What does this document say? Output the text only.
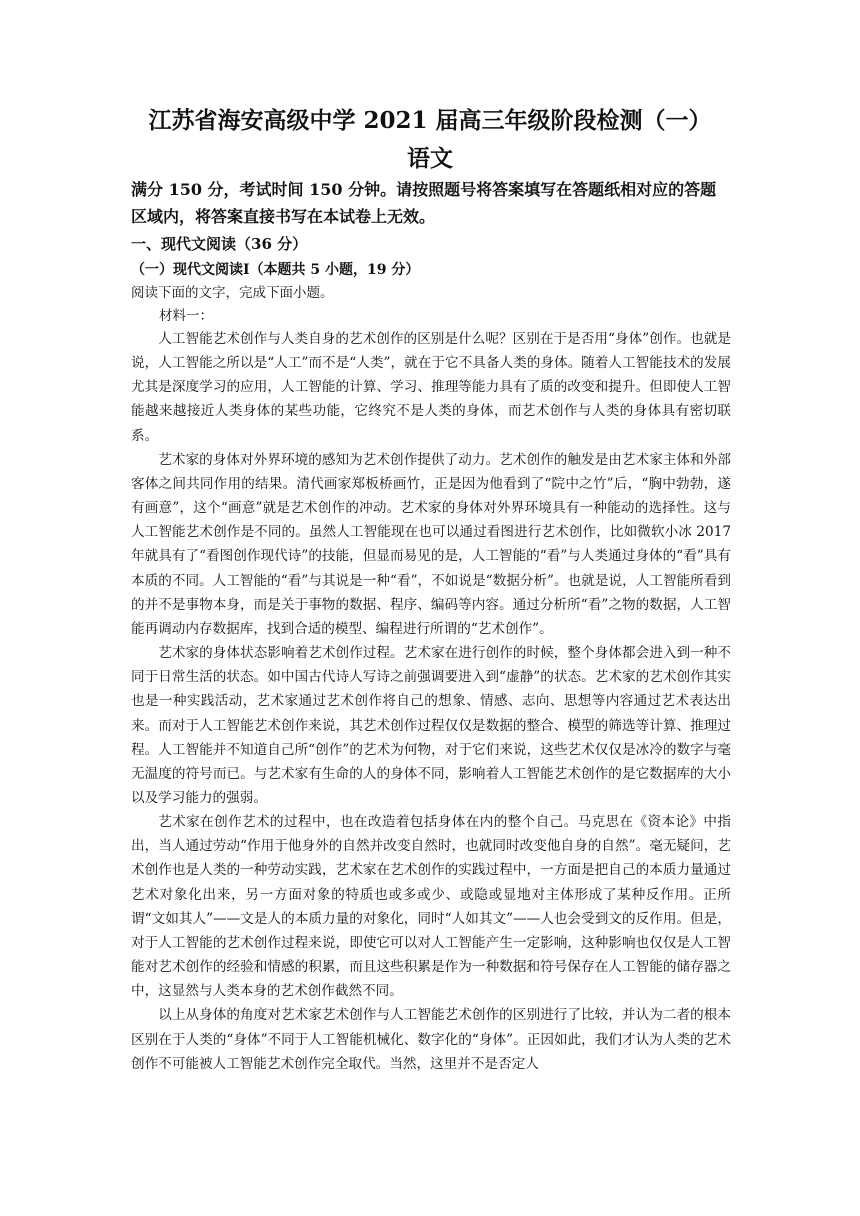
江苏省海安高级中学 2021 届高三年级阶段检测（一）
语文
满分 150 分，考试时间 150 分钟。请按照题号将答案填写在答题纸相对应的答题区域内，将答案直接书写在本试卷上无效。
一、现代文阅读（36 分）
（一）现代文阅读Ⅰ（本题共 5 小题，19 分）
阅读下面的文字，完成下面小题。
材料一：

人工智能艺术创作与人类自身的艺术创作的区别是什么呢？区别在于是否用“身体”创作。也就是说，人工智能之所以是“人工”而不是“人类”，就在于它不具备人类的身体。随着人工智能技术的发展尤其是深度学习的应用，人工智能的计算、学习、推理等能力具有了质的改变和提升。但即使人工智能越来越接近人类身体的某些功能，它终究不是人类的身体，而艺术创作与人类的身体具有密切联系。

艺术家的身体对外界环境的感知为艺术创作提供了动力。艺术创作的触发是由艺术家主体和外部客体之间共同作用的结果。清代画家郑板桥画竹，正是因为他看到了“院中之竹”后，“胸中勃勃，遂有画意”，这个“画意”就是艺术创作的冲动。艺术家的身体对外界环境具有一种能动的选择性。这与人工智能艺术创作是不同的。虽然人工智能现在也可以通过看图进行艺术创作，比如微软小冰 2017 年就具有了“看图创作现代诗”的技能，但显而易见的是，人工智能的“看”与人类通过身体的“看”具有本质的不同。人工智能的“看”与其说是一种“看”，不如说是“数据分析”。也就是说，人工智能所看到的并不是事物本身，而是关于事物的数据、程序、编码等内容。通过分析所“看”之物的数据，人工智能再调动内存数据库，找到合适的模型、编程进行所谓的“艺术创作”。

艺术家的身体状态影响着艺术创作过程。艺术家在进行创作的时候，整个身体都会进入到一种不同于日常生活的状态。如中国古代诗人写诗之前强调要进入到“虚静”的状态。艺术家的艺术创作其实也是一种实践活动，艺术家通过艺术创作将自己的想象、情感、志向、思想等内容通过艺术表达出来。而对于人工智能艺术创作来说，其艺术创作过程仅仅是数据的整合、模型的筛选等计算、推理过程。人工智能并不知道自己所“创作”的艺术为何物，对于它们来说，这些艺术仅仅是冰冷的数字与毫无温度的符号而已。与艺术家有生命的人的身体不同，影响着人工智能艺术创作的是它数据库的大小以及学习能力的强弱。

艺术家在创作艺术的过程中，也在改造着包括身体在内的整个自己。马克思在《资本论》中指出，当人通过劳动“作用于他身外的自然并改变自然时，也就同时改变他自身的自然”。毫无疑问，艺术创作也是人类的一种劳动实践，艺术家在艺术创作的实践过程中，一方面是把自己的本质力量通过艺术对象化出来，另一方面对象的特质也或多或少、或隐或显地对主体形成了某种反作用。正所谓“文如其人”——文是人的本质力量的对象化，同时“人如其文”——人也会受到文的反作用。但是，对于人工智能的艺术创作过程来说，即使它可以对人工智能产生一定影响，这种影响也仅仅是人工智能对艺术创作的经验和情感的积累，而且这些积累是作为一种数据和符号保存在人工智能的储存器之中，这显然与人类本身的艺术创作截然不同。

以上从身体的角度对艺术家艺术创作与人工智能艺术创作的区别进行了比较，并认为二者的根本区别在于人类的“身体”不同于人工智能机械化、数字化的“身体”。正因如此，我们才认为人类的艺术创作不可能被人工智能艺术创作完全取代。当然，这里并不是否定人
